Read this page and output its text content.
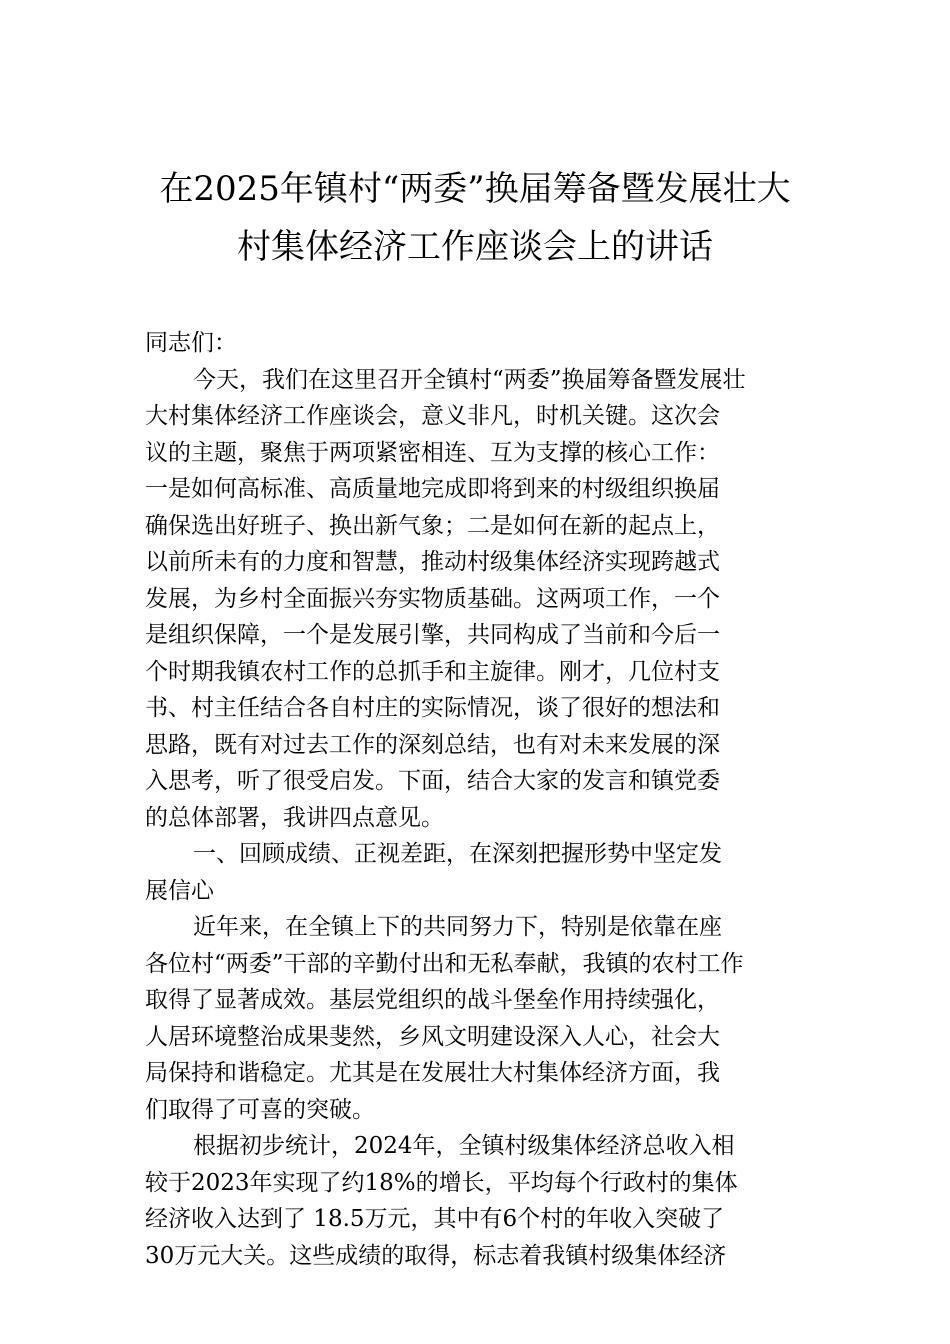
在2025年镇村“两委”换届筹备暨发展壮大
村集体经济工作座谈会上的讲话
同志们：
今天，我们在这里召开全镇村“两委”换届筹备暨发展壮
大村集体经济工作座谈会，意义非凡，时机关键。这次会
议的主题，聚焦于两项紧密相连、互为支撑的核心工作：
一是如何高标准、高质量地完成即将到来的村级组织换届
确保选出好班子、换出新气象；二是如何在新的起点上，
以前所未有的力度和智慧，推动村级集体经济实现跨越式
发展，为乡村全面振兴夯实物质基础。这两项工作，一个
是组织保障，一个是发展引擎，共同构成了当前和今后一
个时期我镇农村工作的总抓手和主旋律。刚才，几位村支
书、村主任结合各自村庄的实际情况，谈了很好的想法和
思路，既有对过去工作的深刻总结，也有对未来发展的深
入思考，听了很受启发。下面，结合大家的发言和镇党委
的总体部署，我讲四点意见。
一、回顾成绩、正视差距，在深刻把握形势中坚定发
展信心
近年来，在全镇上下的共同努力下，特别是依靠在座
各位村“两委”干部的辛勤付出和无私奉献，我镇的农村工作
取得了显著成效。基层党组织的战斗堡垒作用持续强化，
人居环境整治成果斐然，乡风文明建设深入人心，社会大
局保持和谐稳定。尤其是在发展壮大村集体经济方面，我
们取得了可喜的突破。
根据初步统计，2024年，全镇村级集体经济总收入相
较于2023年实现了约18%的增长，平均每个行政村的集体
经济收入达到了 18.5万元，其中有6个村的年收入突破了
30万元大关。这些成绩的取得，标志着我镇村级集体经济
